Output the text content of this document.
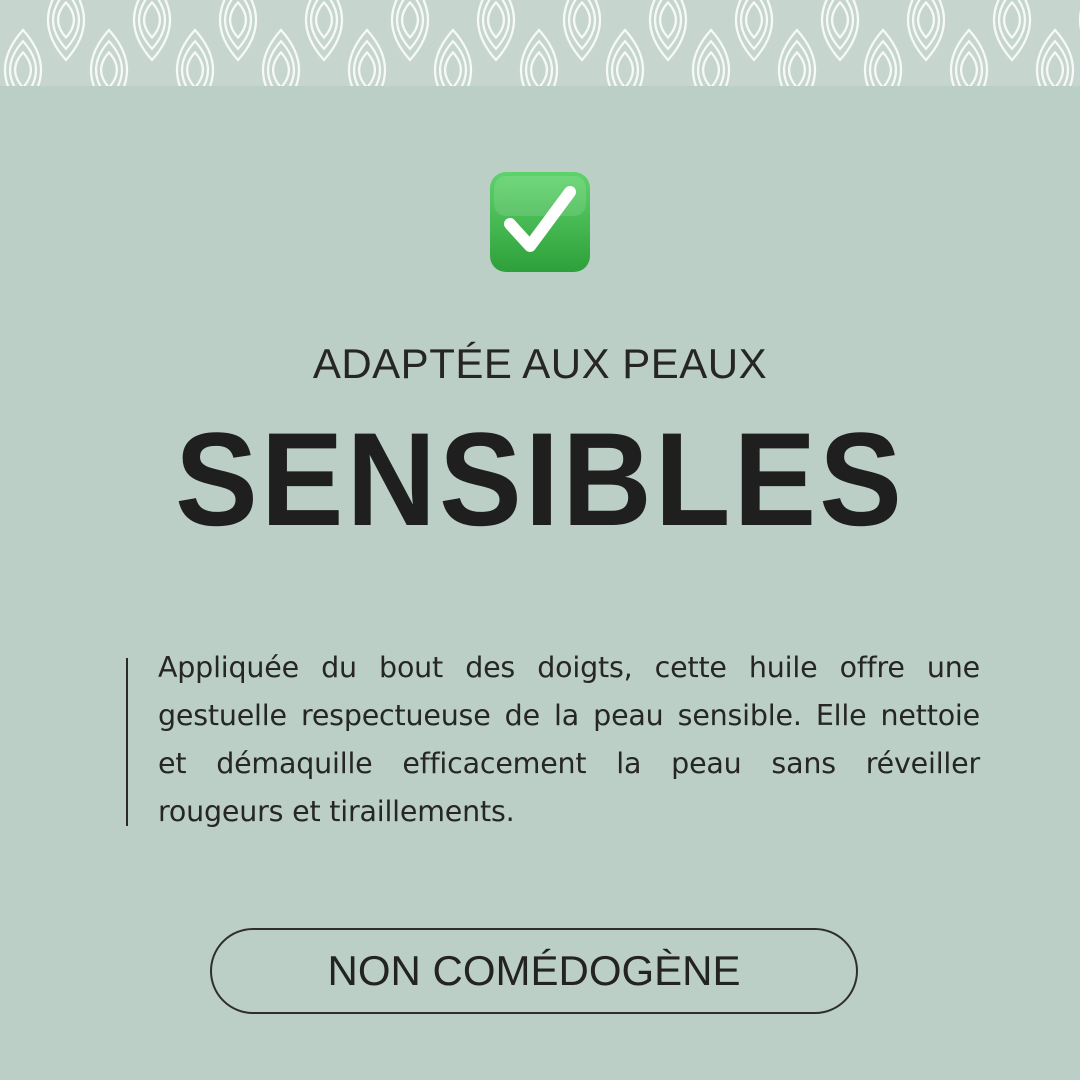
ADAPTÉE AUX PEAUX
SENSIBLES
Appliquée du bout des doigts, cette huile offre une gestuelle respectueuse de la peau sensible. Elle nettoie et démaquille efficacement la peau sans réveiller rougeurs et tiraillements.
NON COMÉDOGÈNE
